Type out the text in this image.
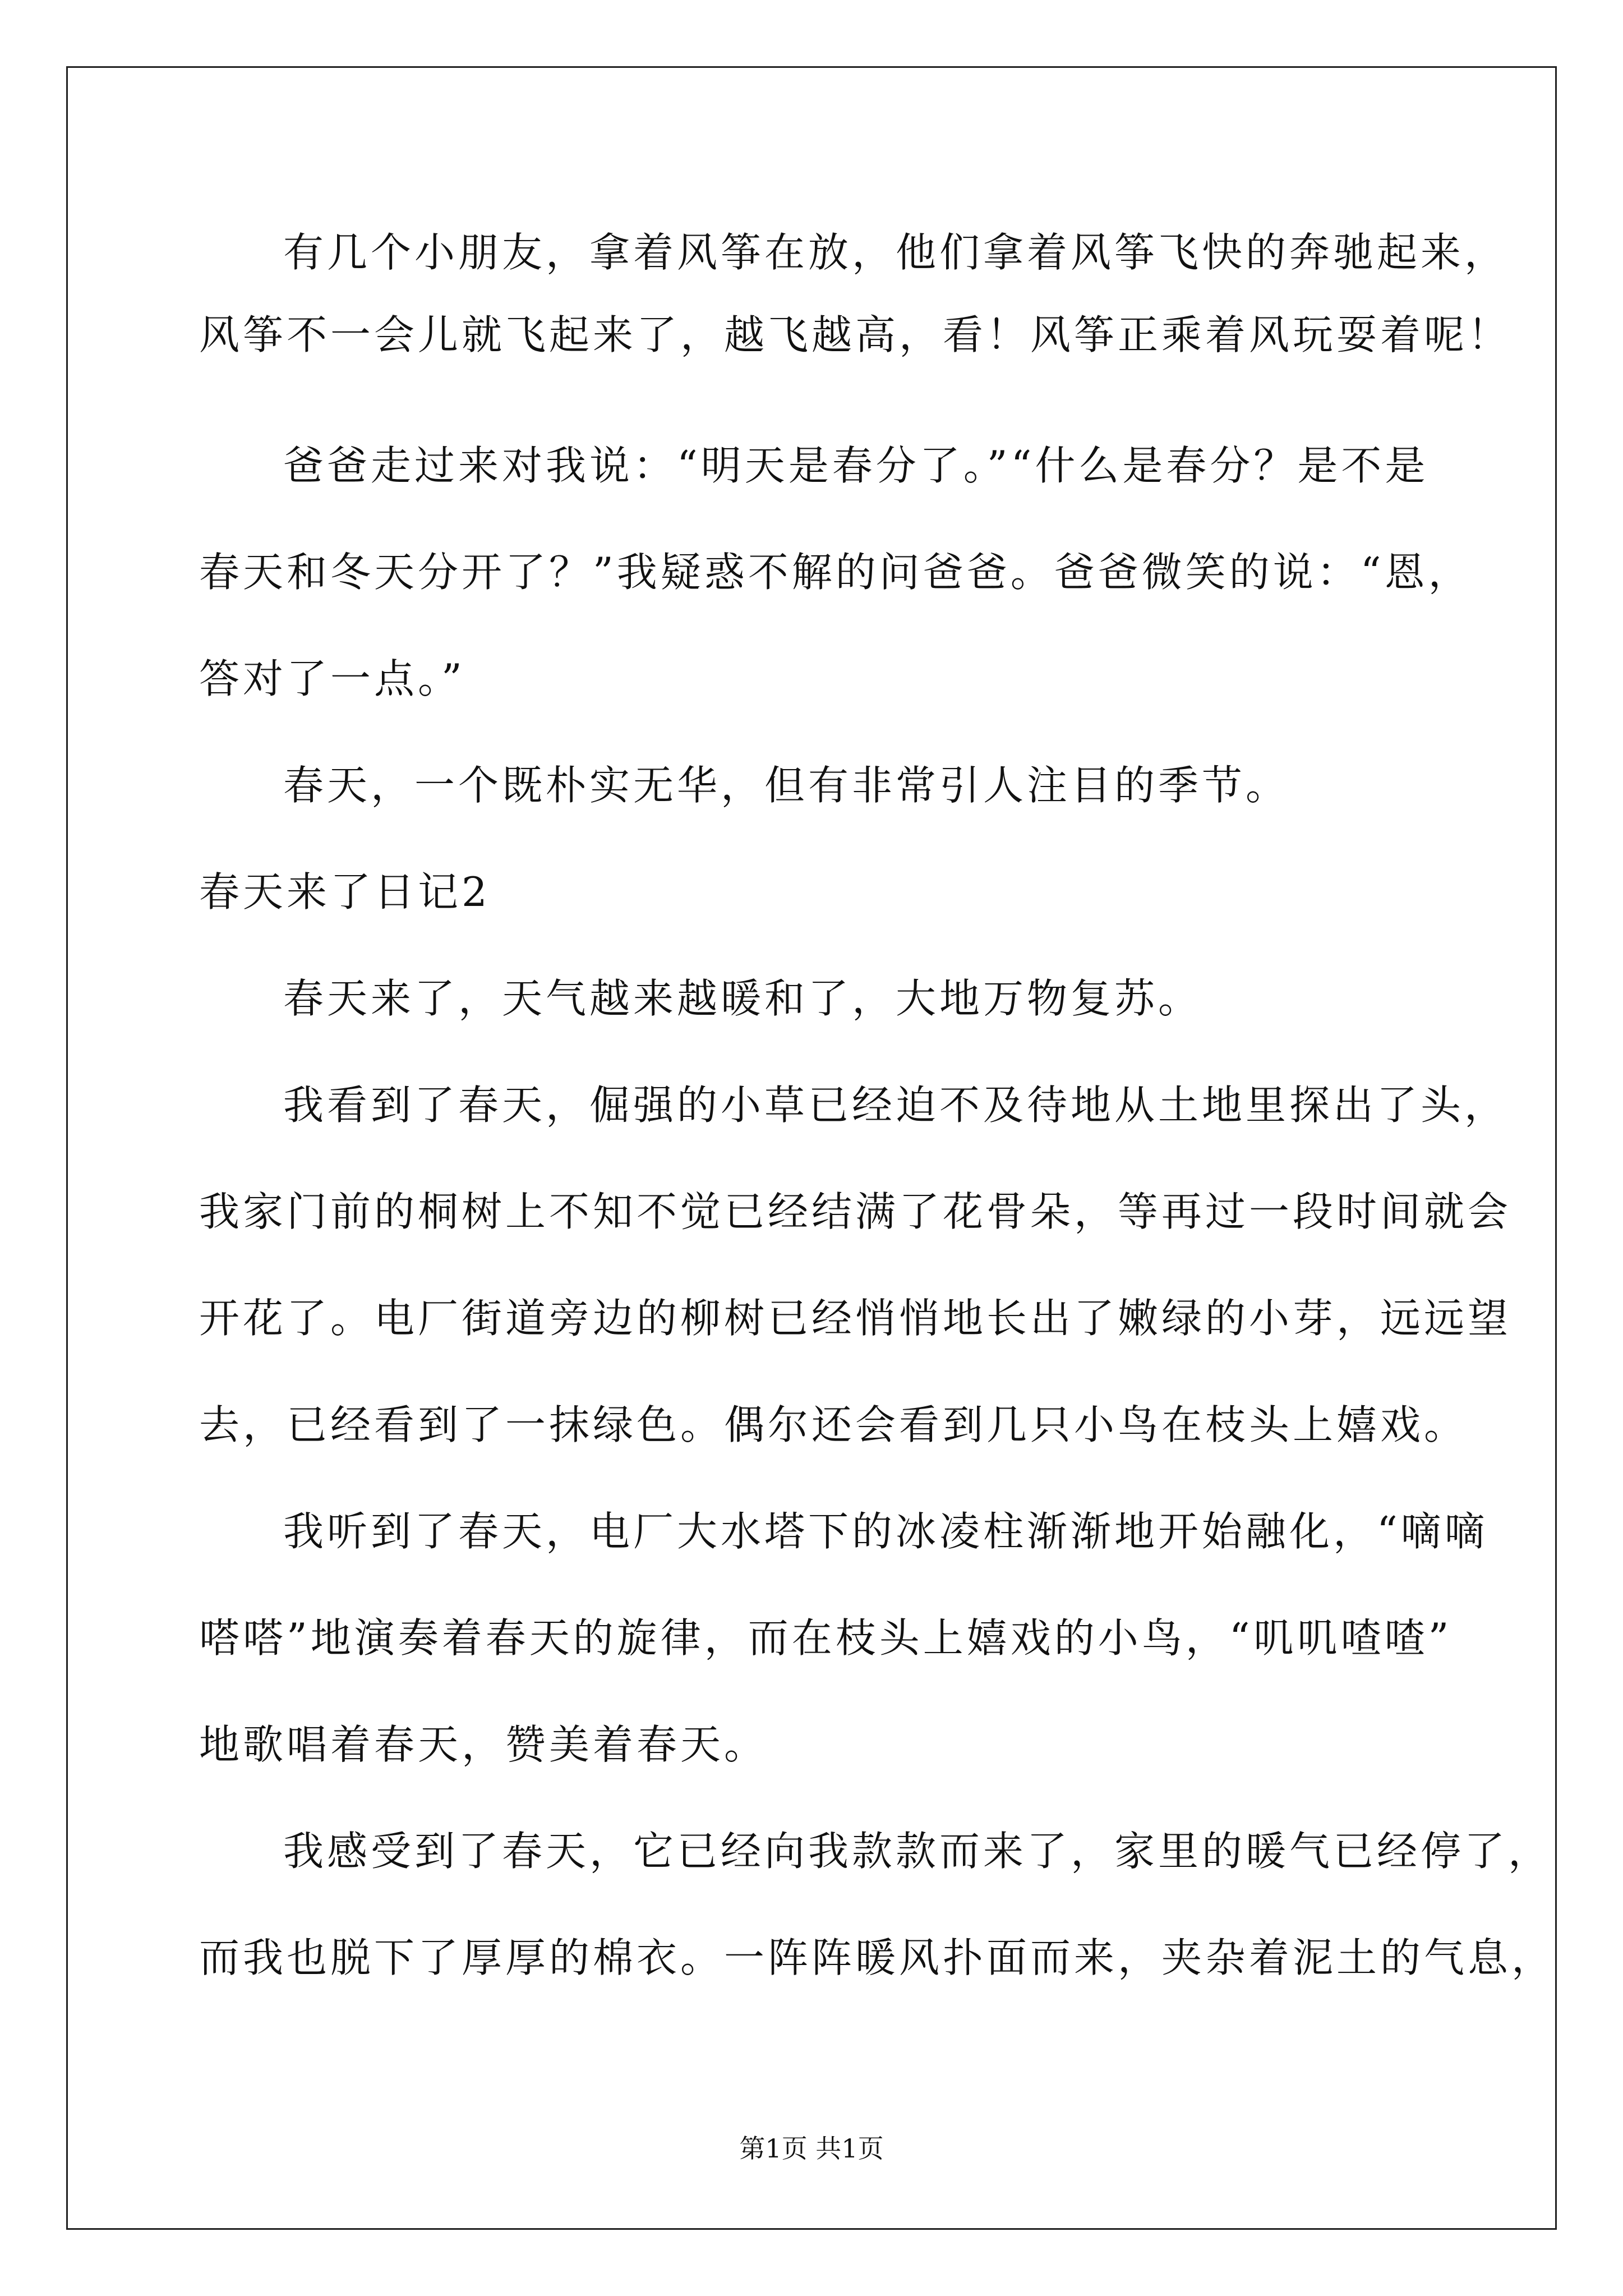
有几个小朋友，拿着风筝在放，他们拿着风筝飞快的奔驰起来，
风筝不一会儿就飞起来了，越飞越高，看！风筝正乘着风玩耍着呢！
爸爸走过来对我说：“明天是春分了。”“什么是春分？是不是
春天和冬天分开了？”我疑惑不解的问爸爸。爸爸微笑的说：“恩，
答对了一点。”
春天，一个既朴实无华，但有非常引人注目的季节。
春天来了日记2
春天来了，天气越来越暖和了，大地万物复苏。
我看到了春天，倔强的小草已经迫不及待地从土地里探出了头，
我家门前的桐树上不知不觉已经结满了花骨朵，等再过一段时间就会
开花了。电厂街道旁边的柳树已经悄悄地长出了嫩绿的小芽，远远望
去，已经看到了一抹绿色。偶尔还会看到几只小鸟在枝头上嬉戏。
我听到了春天，电厂大水塔下的冰凌柱渐渐地开始融化，“嘀嘀
嗒嗒”地演奏着春天的旋律，而在枝头上嬉戏的小鸟，“叽叽喳喳”
地歌唱着春天，赞美着春天。
我感受到了春天，它已经向我款款而来了，家里的暖气已经停了，
而我也脱下了厚厚的棉衣。一阵阵暖风扑面而来，夹杂着泥土的气息，
第1页 共1页
